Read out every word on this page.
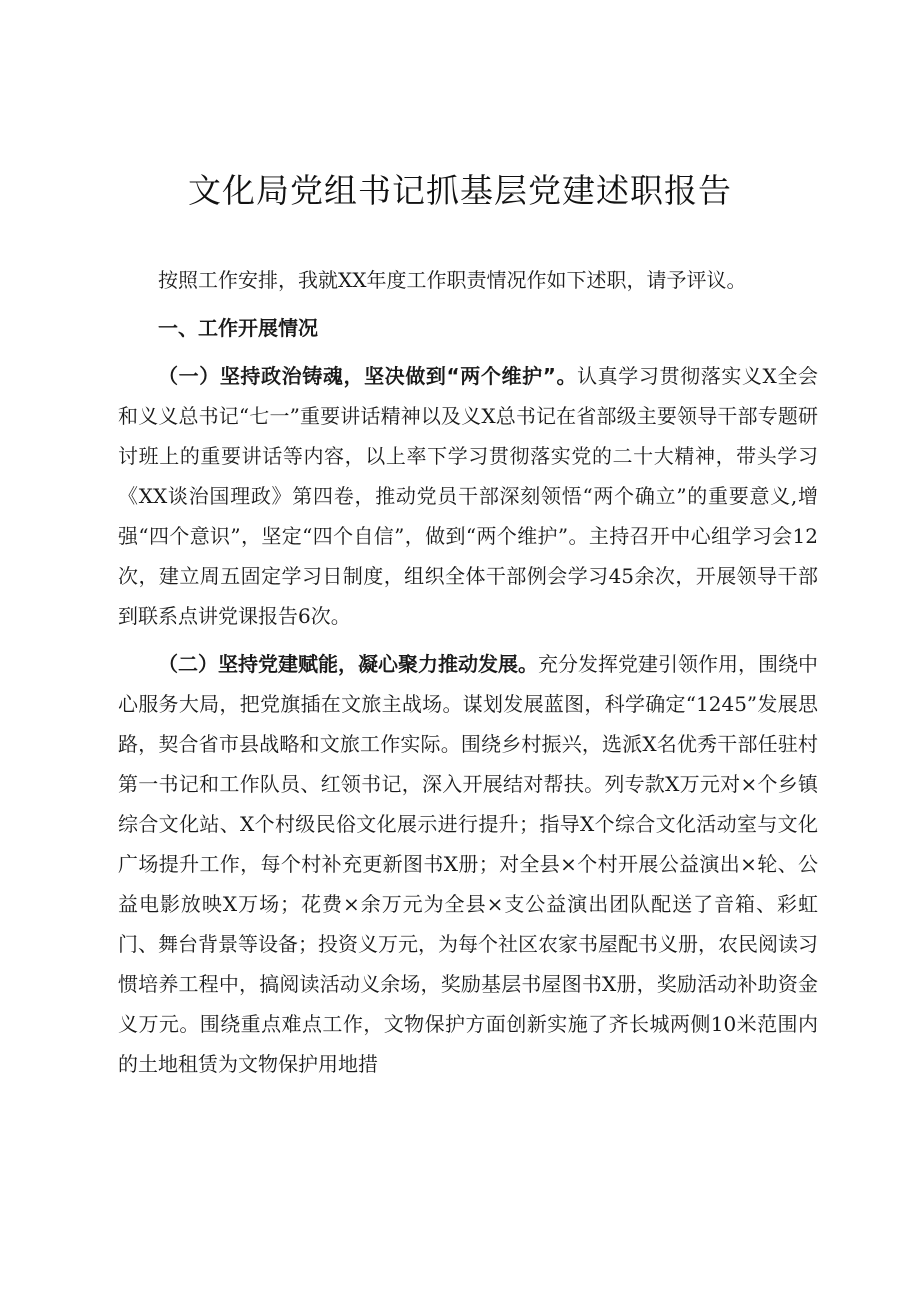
文化局党组书记抓基层党建述职报告

按照工作安排，我就XX年度工作职责情况作如下述职，请予评议。

一、工作开展情况

（一）坚持政治铸魂，坚决做到“两个维护”。认真学习贯彻落实义X全会和义义总书记“七一”重要讲话精神以及义X总书记在省部级主要领导干部专题研讨班上的重要讲话等内容，以上率下学习贯彻落实党的二十大精神，带头学习《XX谈治国理政》第四卷，推动党员干部深刻领悟“两个确立”的重要意义,增强“四个意识”，坚定“四个自信”，做到“两个维护”。主持召开中心组学习会12次，建立周五固定学习日制度，组织全体干部例会学习45余次，开展领导干部到联系点讲党课报告6次。

（二）坚持党建赋能，凝心聚力推动发展。充分发挥党建引领作用，围绕中心服务大局，把党旗插在文旅主战场。谋划发展蓝图，科学确定“1245”发展思路，契合省市县战略和文旅工作实际。围绕乡村振兴，选派X名优秀干部任驻村第一书记和工作队员、红领书记，深入开展结对帮扶。列专款X万元对×个乡镇综合文化站、X个村级民俗文化展示进行提升；指导X个综合文化活动室与文化广场提升工作，每个村补充更新图书X册；对全县×个村开展公益演出×轮、公益电影放映X万场；花费×余万元为全县×支公益演出团队配送了音箱、彩虹门、舞台背景等设备；投资义万元，为每个社区农家书屋配书义册，农民阅读习惯培养工程中，搞阅读活动义余场，奖励基层书屋图书X册，奖励活动补助资金义万元。围绕重点难点工作，文物保护方面创新实施了齐长城两侧10米范围内的土地租赁为文物保护用地措
